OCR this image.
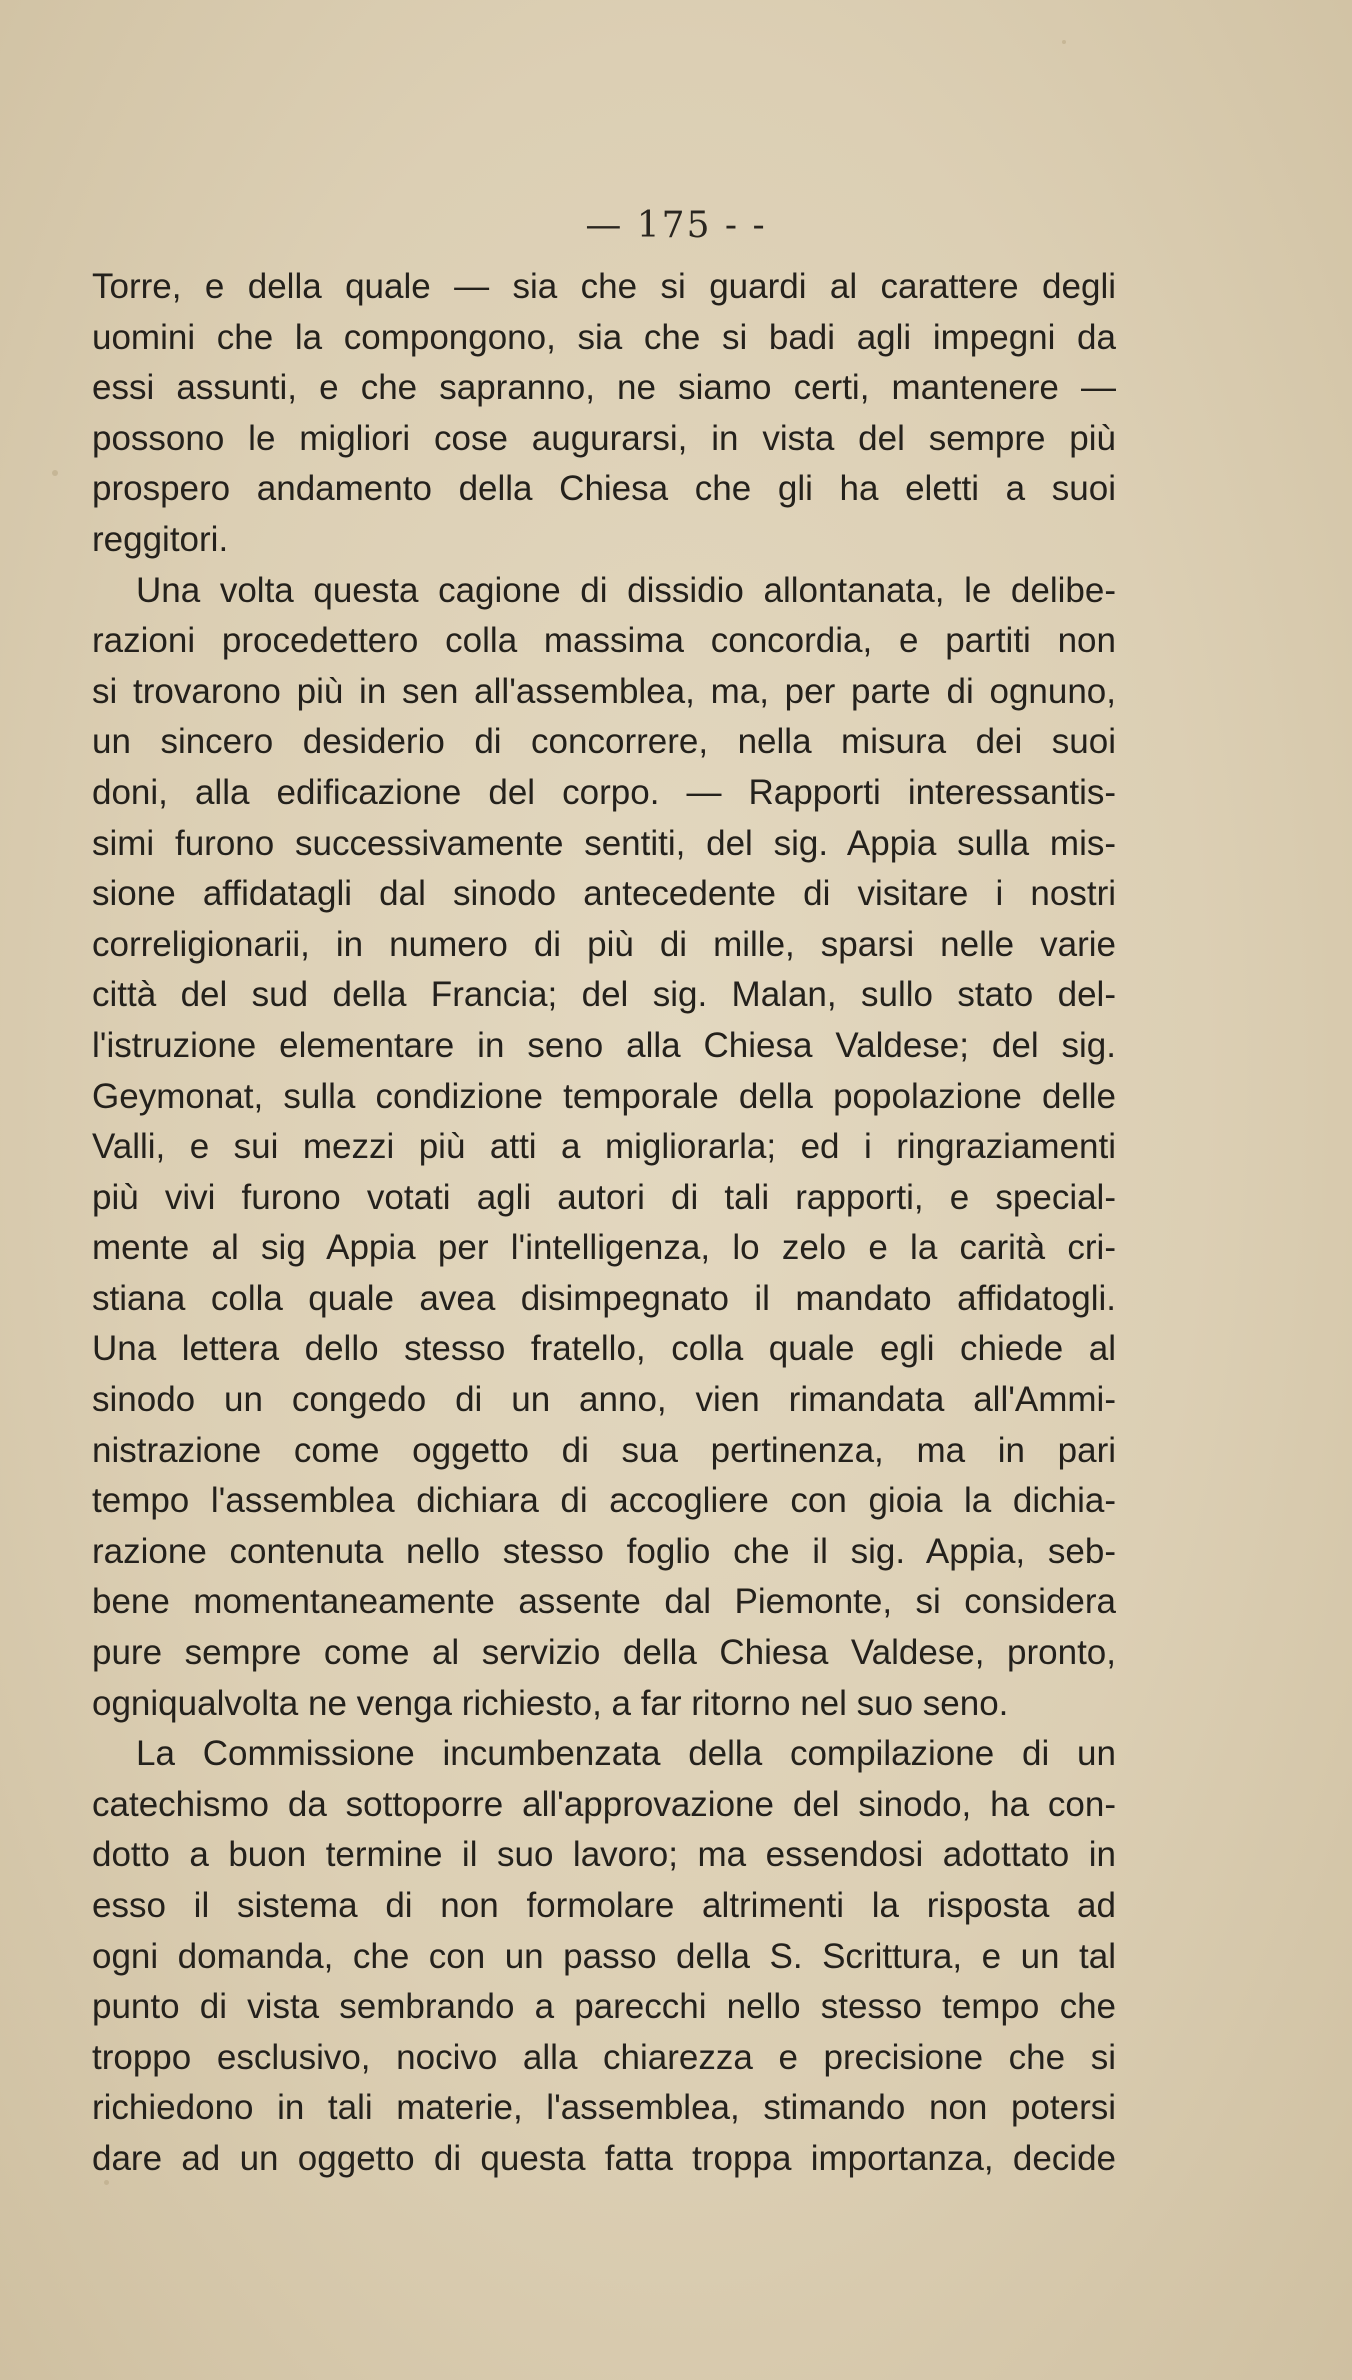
— 175 - -
Torre, e della quale — sia che si guardi al carattere degli
uomini che la compongono, sia che si badi agli impegni da
essi assunti, e che sapranno, ne siamo certi, mantenere —
possono le migliori cose augurarsi, in vista del sempre più
prospero andamento della Chiesa che gli ha eletti a suoi
reggitori.
Una volta questa cagione di dissidio allontanata, le delibe-
razioni procedettero colla massima concordia, e partiti non
si trovarono più in sen all'assemblea, ma, per parte di ognuno,
un sincero desiderio di concorrere, nella misura dei suoi
doni, alla edificazione del corpo. — Rapporti interessantis-
simi furono successivamente sentiti, del sig. Appia sulla mis-
sione affidatagli dal sinodo antecedente di visitare i nostri
correligionarii, in numero di più di mille, sparsi nelle varie
città del sud della Francia; del sig. Malan, sullo stato del-
l'istruzione elementare in seno alla Chiesa Valdese; del sig.
Geymonat, sulla condizione temporale della popolazione delle
Valli, e sui mezzi più atti a migliorarla; ed i ringraziamenti
più vivi furono votati agli autori di tali rapporti, e special-
mente al sig Appia per l'intelligenza, lo zelo e la carità cri-
stiana colla quale avea disimpegnato il mandato affidatogli.
Una lettera dello stesso fratello, colla quale egli chiede al
sinodo un congedo di un anno, vien rimandata all'Ammi-
nistrazione come oggetto di sua pertinenza, ma in pari
tempo l'assemblea dichiara di accogliere con gioia la dichia-
razione contenuta nello stesso foglio che il sig. Appia, seb-
bene momentaneamente assente dal Piemonte, si considera
pure sempre come al servizio della Chiesa Valdese, pronto,
ogniqualvolta ne venga richiesto, a far ritorno nel suo seno.
La Commissione incumbenzata della compilazione di un
catechismo da sottoporre all'approvazione del sinodo, ha con-
dotto a buon termine il suo lavoro; ma essendosi adottato in
esso il sistema di non formolare altrimenti la risposta ad
ogni domanda, che con un passo della S. Scrittura, e un tal
punto di vista sembrando a parecchi nello stesso tempo che
troppo esclusivo, nocivo alla chiarezza e precisione che si
richiedono in tali materie, l'assemblea, stimando non potersi
dare ad un oggetto di questa fatta troppa importanza, decide
